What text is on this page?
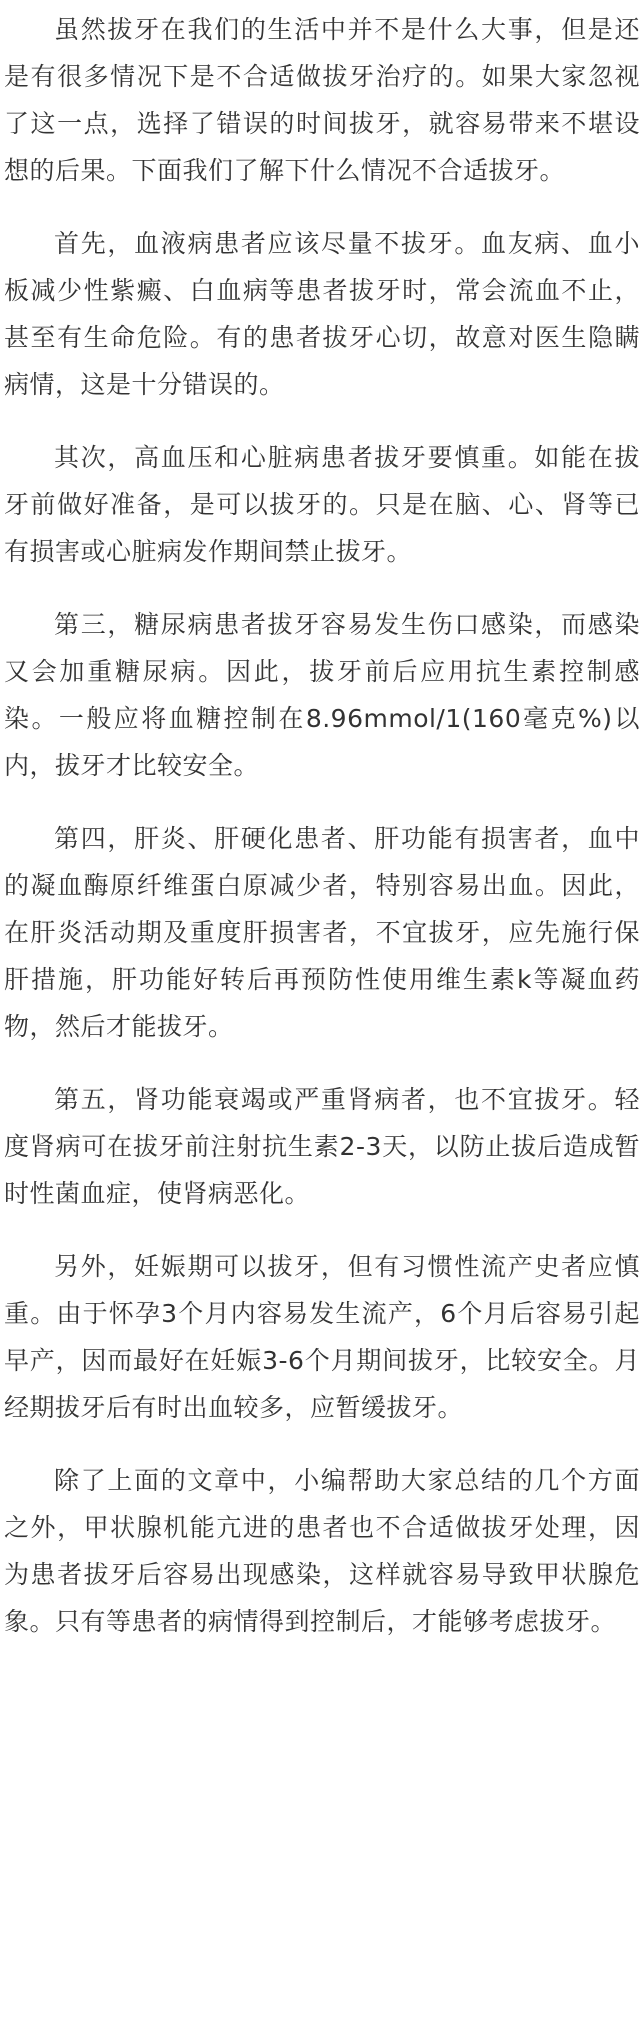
虽然拔牙在我们的生活中并不是什么大事，但是还是有很多情况下是不合适做拔牙治疗的。如果大家忽视了这一点，选择了错误的时间拔牙，就容易带来不堪设想的后果。下面我们了解下什么情况不合适拔牙。

首先，血液病患者应该尽量不拔牙。血友病、血小板减少性紫癜、白血病等患者拔牙时，常会流血不止，甚至有生命危险。有的患者拔牙心切，故意对医生隐瞒病情，这是十分错误的。

其次，高血压和心脏病患者拔牙要慎重。如能在拔牙前做好准备，是可以拔牙的。只是在脑、心、肾等已有损害或心脏病发作期间禁止拔牙。

第三，糖尿病患者拔牙容易发生伤口感染，而感染又会加重糖尿病。因此，拔牙前后应用抗生素控制感染。一般应将血糖控制在8.96mmol/1(160毫克%)以内，拔牙才比较安全。

第四，肝炎、肝硬化患者、肝功能有损害者，血中的凝血酶原纤维蛋白原减少者，特别容易出血。因此，在肝炎活动期及重度肝损害者，不宜拔牙，应先施行保肝措施，肝功能好转后再预防性使用维生素k等凝血药物，然后才能拔牙。

第五，肾功能衰竭或严重肾病者，也不宜拔牙。轻度肾病可在拔牙前注射抗生素2-3天，以防止拔后造成暂时性菌血症，使肾病恶化。

另外，妊娠期可以拔牙，但有习惯性流产史者应慎重。由于怀孕3个月内容易发生流产，6个月后容易引起早产，因而最好在妊娠3-6个月期间拔牙，比较安全。月经期拔牙后有时出血较多，应暂缓拔牙。

除了上面的文章中，小编帮助大家总结的几个方面之外，甲状腺机能亢进的患者也不合适做拔牙处理，因为患者拔牙后容易出现感染，这样就容易导致甲状腺危象。只有等患者的病情得到控制后，才能够考虑拔牙。
